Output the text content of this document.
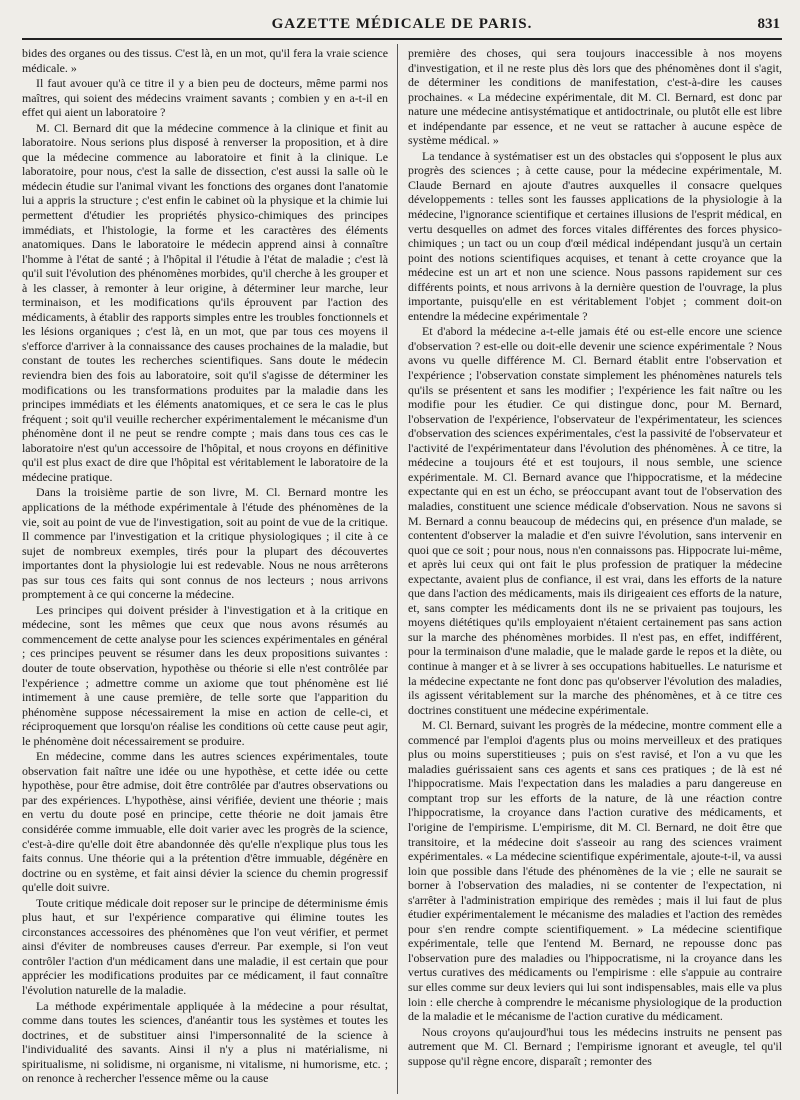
GAZETTE MÉDICALE DE PARIS.	831

bides des organes ou des tissus. C'est là, en un mot, qu'il fera la vraie science médicale. »

Il faut avouer qu'à ce titre il y a bien peu de docteurs, même parmi nos maîtres, qui soient des médecins vraiment savants ; combien y en a-t-il en effet qui aient un laboratoire ?

M. Cl. Bernard dit que la médecine commence à la clinique et finit au laboratoire. Nous serions plus disposé à renverser la proposition, et à dire que la médecine commence au laboratoire et finit à la clinique. Le laboratoire, pour nous, c'est la salle de dissection, c'est aussi la salle où le médecin étudie sur l'animal vivant les fonctions des organes dont l'anatomie lui a appris la structure ; c'est enfin le cabinet où la physique et la chimie lui permettent d'étudier les propriétés physico-chimiques des principes immédiats, et l'histologie, la forme et les caractères des éléments anatomiques. Dans le laboratoire le médecin apprend ainsi à connaître l'homme à l'état de santé ; à l'hôpital il l'étudie à l'état de maladie ; c'est là qu'il suit l'évolution des phénomènes morbides, qu'il cherche à les grouper et à les classer, à remonter à leur origine, à déterminer leur marche, leur terminaison, et les modifications qu'ils éprouvent par l'action des médicaments, à établir des rapports simples entre les troubles fonctionnels et les lésions organiques ; c'est là, en un mot, que par tous ces moyens il s'efforce d'arriver à la connaissance des causes prochaines de la maladie, but constant de toutes les recherches scientifiques. Sans doute le médecin reviendra bien des fois au laboratoire, soit qu'il s'agisse de déterminer les modifications ou les transformations produites par la maladie dans les principes immédiats et les éléments anatomiques, et ce sera le cas le plus fréquent ; soit qu'il veuille rechercher expérimentalement le mécanisme d'un phénomène dont il ne peut se rendre compte ; mais dans tous ces cas le laboratoire n'est qu'un accessoire de l'hôpital, et nous croyons en définitive qu'il est plus exact de dire que l'hôpital est véritablement le laboratoire de la médecine pratique.

Dans la troisième partie de son livre, M. Cl. Bernard montre les applications de la méthode expérimentale à l'étude des phénomènes de la vie, soit au point de vue de l'investigation, soit au point de vue de la critique. Il commence par l'investigation et la critique physiologiques ; il cite à ce sujet de nombreux exemples, tirés pour la plupart des découvertes importantes dont la physiologie lui est redevable. Nous ne nous arrêterons pas sur tous ces faits qui sont connus de nos lecteurs ; nous arrivons promptement à ce qui concerne la médecine.

Les principes qui doivent présider à l'investigation et à la critique en médecine, sont les mêmes que ceux que nous avons résumés au commencement de cette analyse pour les sciences expérimentales en général ; ces principes peuvent se résumer dans les deux propositions suivantes : douter de toute observation, hypothèse ou théorie si elle n'est contrôlée par l'expérience ; admettre comme un axiome que tout phénomène est lié intimement à une cause première, de telle sorte que l'apparition du phénomène suppose nécessairement la mise en action de celle-ci, et réciproquement que lorsqu'on réalise les conditions où cette cause peut agir, le phénomène doit nécessairement se produire.

En médecine, comme dans les autres sciences expérimentales, toute observation fait naître une idée ou une hypothèse, et cette idée ou cette hypothèse, pour être admise, doit être contrôlée par d'autres observations ou par des expériences. L'hypothèse, ainsi vérifiée, devient une théorie ; mais en vertu du doute posé en principe, cette théorie ne doit jamais être considérée comme immuable, elle doit varier avec les progrès de la science, c'est-à-dire qu'elle doit être abandonnée dès qu'elle n'explique plus tous les faits connus. Une théorie qui a la prétention d'être immuable, dégénère en doctrine ou en système, et fait ainsi dévier la science du chemin progressif qu'elle doit suivre.

Toute critique médicale doit reposer sur le principe de déterminisme émis plus haut, et sur l'expérience comparative qui élimine toutes les circonstances accessoires des phénomènes que l'on veut vérifier, et permet ainsi d'éviter de nombreuses causes d'erreur. Par exemple, si l'on veut contrôler l'action d'un médicament dans une maladie, il est certain que pour apprécier les modifications produites par ce médicament, il faut connaître l'évolution naturelle de la maladie.

La méthode expérimentale appliquée à la médecine a pour résultat, comme dans toutes les sciences, d'anéantir tous les systèmes et toutes les doctrines, et de substituer ainsi l'impersonnalité de la science à l'individualité des savants. Ainsi il n'y a plus ni matérialisme, ni spiritualisme, ni solidisme, ni organisme, ni vitalisme, ni humorisme, etc. ; on renonce à rechercher l'essence même ou la cause

première des choses, qui sera toujours inaccessible à nos moyens d'investigation, et il ne reste plus dès lors que des phénomènes dont il s'agit, de déterminer les conditions de manifestation, c'est-à-dire les causes prochaines. « La médecine expérimentale, dit M. Cl. Bernard, est donc par nature une médecine antisystématique et antidoctrinale, ou plutôt elle est libre et indépendante par essence, et ne veut se rattacher à aucune espèce de système médical. »

La tendance à systématiser est un des obstacles qui s'opposent le plus aux progrès des sciences ; à cette cause, pour la médecine expérimentale, M. Claude Bernard en ajoute d'autres auxquelles il consacre quelques développements : telles sont les fausses applications de la physiologie à la médecine, l'ignorance scientifique et certaines illusions de l'esprit médical, en vertu desquelles on admet des forces vitales différentes des forces physico-chimiques ; un tact ou un coup d'œil médical indépendant jusqu'à un certain point des notions scientifiques acquises, et tenant à cette croyance que la médecine est un art et non une science. Nous passons rapidement sur ces différents points, et nous arrivons à la dernière question de l'ouvrage, la plus importante, puisqu'elle en est véritablement l'objet ; comment doit-on entendre la médecine expérimentale ?

Et d'abord la médecine a-t-elle jamais été ou est-elle encore une science d'observation ? est-elle ou doit-elle devenir une science expérimentale ? Nous avons vu quelle différence M. Cl. Bernard établit entre l'observation et l'expérience ; l'observation constate simplement les phénomènes naturels tels qu'ils se présentent et sans les modifier ; l'expérience les fait naître ou les modifie pour les étudier. Ce qui distingue donc, pour M. Bernard, l'observation de l'expérience, l'observateur de l'expérimentateur, les sciences d'observation des sciences expérimentales, c'est la passivité de l'observateur et l'activité de l'expérimentateur dans l'évolution des phénomènes. À ce titre, la médecine a toujours été et est toujours, il nous semble, une science expérimentale. M. Cl. Bernard avance que l'hippocratisme, et la médecine expectante qui en est un écho, se préoccupant avant tout de l'observation des maladies, constituent une science médicale d'observation. Nous ne savons si M. Bernard a connu beaucoup de médecins qui, en présence d'un malade, se contentent d'observer la maladie et d'en suivre l'évolution, sans intervenir en quoi que ce soit ; pour nous, nous n'en connaissons pas. Hippocrate lui-même, et après lui ceux qui ont fait le plus profession de pratiquer la médecine expectante, avaient plus de confiance, il est vrai, dans les efforts de la nature que dans l'action des médicaments, mais ils dirigeaient ces efforts de la nature, et, sans compter les médicaments dont ils ne se privaient pas toujours, les moyens diététiques qu'ils employaient n'étaient certainement pas sans action sur la marche des phénomènes morbides. Il n'est pas, en effet, indifférent, pour la terminaison d'une maladie, que le malade garde le repos et la diète, ou continue à manger et à se livrer à ses occupations habituelles. Le naturisme et la médecine expectante ne font donc pas qu'observer l'évolution des maladies, ils agissent véritablement sur la marche des phénomènes, et à ce titre ces doctrines constituent une médecine expérimentale.

M. Cl. Bernard, suivant les progrès de la médecine, montre comment elle a commencé par l'emploi d'agents plus ou moins merveilleux et des pratiques plus ou moins superstitieuses ; puis on s'est ravisé, et l'on a vu que les maladies guérissaient sans ces agents et sans ces pratiques ; de là est né l'hippocratisme. Mais l'expectation dans les maladies a paru dangereuse en comptant trop sur les efforts de la nature, de là une réaction contre l'hippocratisme, la croyance dans l'action curative des médicaments, et l'origine de l'empirisme. L'empirisme, dit M. Cl. Bernard, ne doit être que transitoire, et la médecine doit s'asseoir au rang des sciences vraiment expérimentales. « La médecine scientifique expérimentale, ajoute-t-il, va aussi loin que possible dans l'étude des phénomènes de la vie ; elle ne saurait se borner à l'observation des maladies, ni se contenter de l'expectation, ni s'arrêter à l'administration empirique des remèdes ; mais il lui faut de plus étudier expérimentalement le mécanisme des maladies et l'action des remèdes pour s'en rendre compte scientifiquement. » La médecine scientifique expérimentale, telle que l'entend M. Bernard, ne repousse donc pas l'observation pure des maladies ou l'hippocratisme, ni la croyance dans les vertus curatives des médicaments ou l'empirisme : elle s'appuie au contraire sur elles comme sur deux leviers qui lui sont indispensables, mais elle va plus loin : elle cherche à comprendre le mécanisme physiologique de la production de la maladie et le mécanisme de l'action curative du médicament.

Nous croyons qu'aujourd'hui tous les médecins instruits ne pensent pas autrement que M. Cl. Bernard ; l'empirisme ignorant et aveugle, tel qu'il suppose qu'il règne encore, disparaît ; remonter des
